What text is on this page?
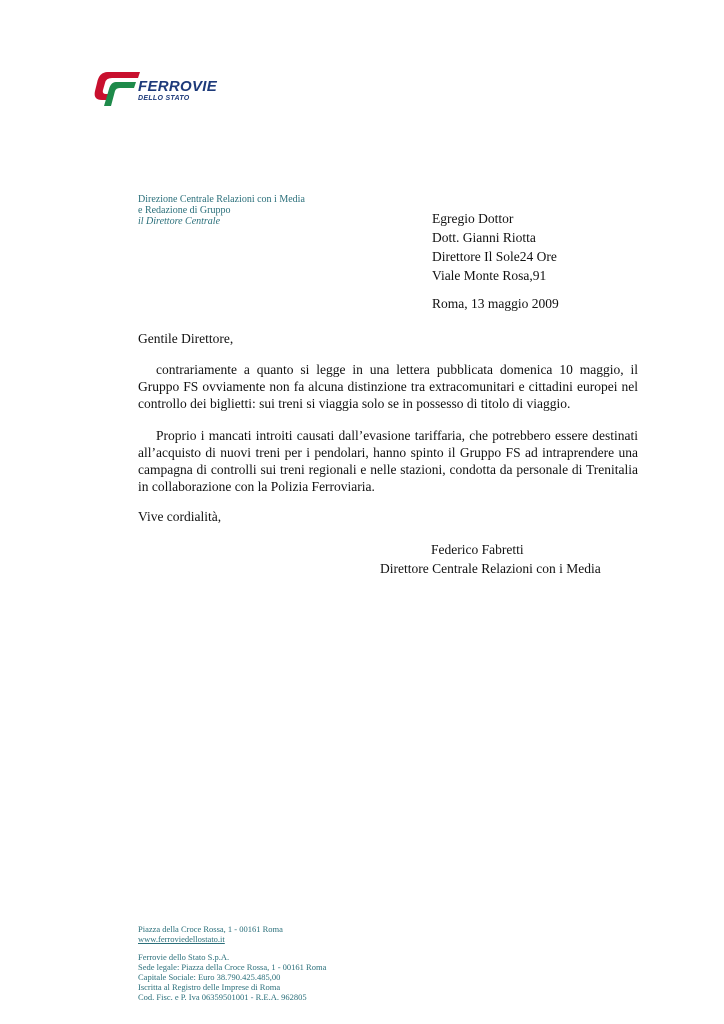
FERROVIE
DELLO STATO
Direzione Centrale Relazioni con i Media
e Redazione di Gruppo
il Direttore Centrale	Egregio Dottor
Dott. Gianni Riotta
Direttore Il Sole24 Ore
Viale Monte Rosa,91
Roma, 13 maggio 2009
Gentile Direttore,

contrariamente a quanto si legge in una lettera pubblicata domenica 10 maggio, il Gruppo FS ovviamente non fa alcuna distinzione tra extracomunitari e cittadini europei nel controllo dei biglietti: sui treni si viaggia solo se in possesso di titolo di viaggio.

Proprio i mancati introiti causati dall’evasione tariffaria, che potrebbero essere destinati all’acquisto di nuovi treni per i pendolari, hanno spinto il Gruppo FS ad intraprendere una campagna di controlli sui treni regionali e nelle stazioni, condotta da personale di Trenitalia in collaborazione con la Polizia Ferroviaria.

Vive cordialità,
Federico Fabretti
Direttore Centrale Relazioni con i Media
Piazza della Croce Rossa, 1 - 00161 Roma
www.ferroviedellostato.it
Ferrovie dello Stato S.p.A.
Sede legale: Piazza della Croce Rossa, 1 - 00161 Roma
Capitale Sociale: Euro 38.790.425.485,00
Iscritta al Registro delle Imprese di Roma
Cod. Fisc. e P. Iva 06359501001 - R.E.A. 962805
